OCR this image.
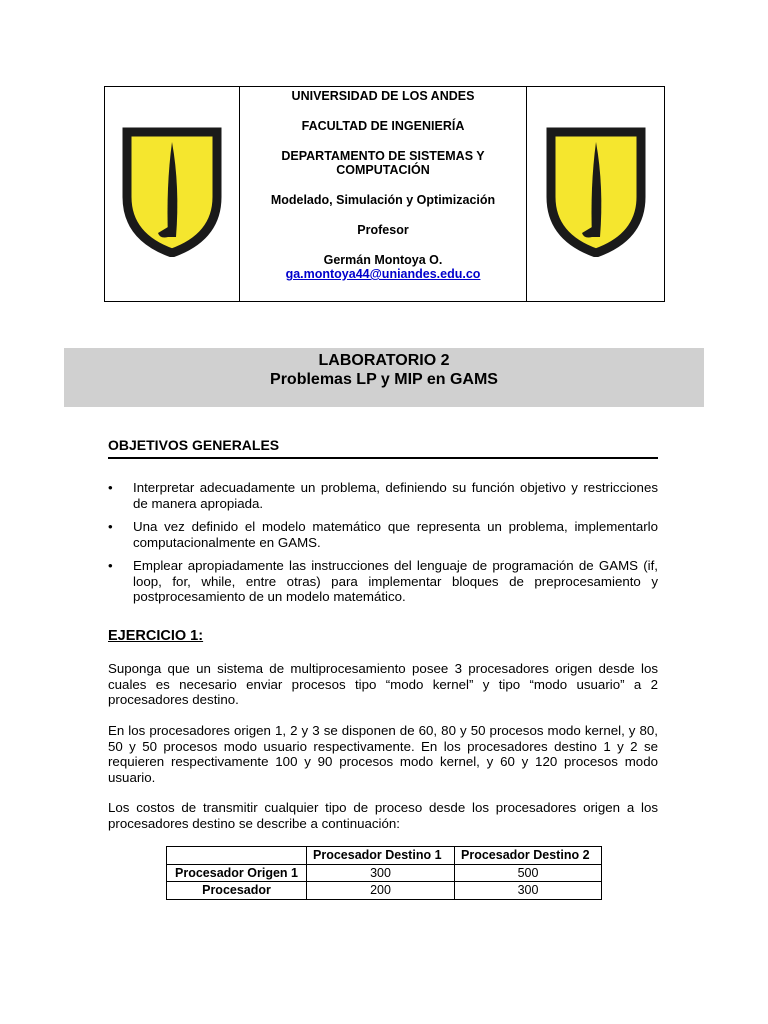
UNIVERSIDAD DE LOS ANDES

FACULTAD DE INGENIERÍA

DEPARTAMENTO DE SISTEMAS Y COMPUTACIÓN

Modelado, Simulación y Optimización

Profesor

Germán Montoya O.
ga.montoya44@uniandes.edu.co

LABORATORIO 2
Problemas LP y MIP en GAMS
OBJETIVOS GENERALES
• Interpretar adecuadamente un problema, definiendo su función objetivo y restricciones de manera apropiada.
• Una vez definido el modelo matemático que representa un problema, implementarlo computacionalmente en GAMS.
• Emplear apropiadamente las instrucciones del lenguaje de programación de GAMS (if, loop, for, while, entre otras) para implementar bloques de preprocesamiento y postprocesamiento de un modelo matemático.
EJERCICIO 1:

Suponga que un sistema de multiprocesamiento posee 3 procesadores origen desde los cuales es necesario enviar procesos tipo “modo kernel” y tipo “modo usuario” a 2 procesadores destino.

En los procesadores origen 1, 2 y 3 se disponen de 60, 80 y 50 procesos modo kernel, y 80, 50 y 50 procesos modo usuario respectivamente. En los procesadores destino 1 y 2 se requieren respectivamente 100 y 90 procesos modo kernel, y 60 y 120 procesos modo usuario.

Los costos de transmitir cualquier tipo de proceso desde los procesadores origen a los procesadores destino se describe a continuación:

	Procesador Destino 1	Procesador Destino 2
Procesador Origen 1	300	500
Procesador	200	300
